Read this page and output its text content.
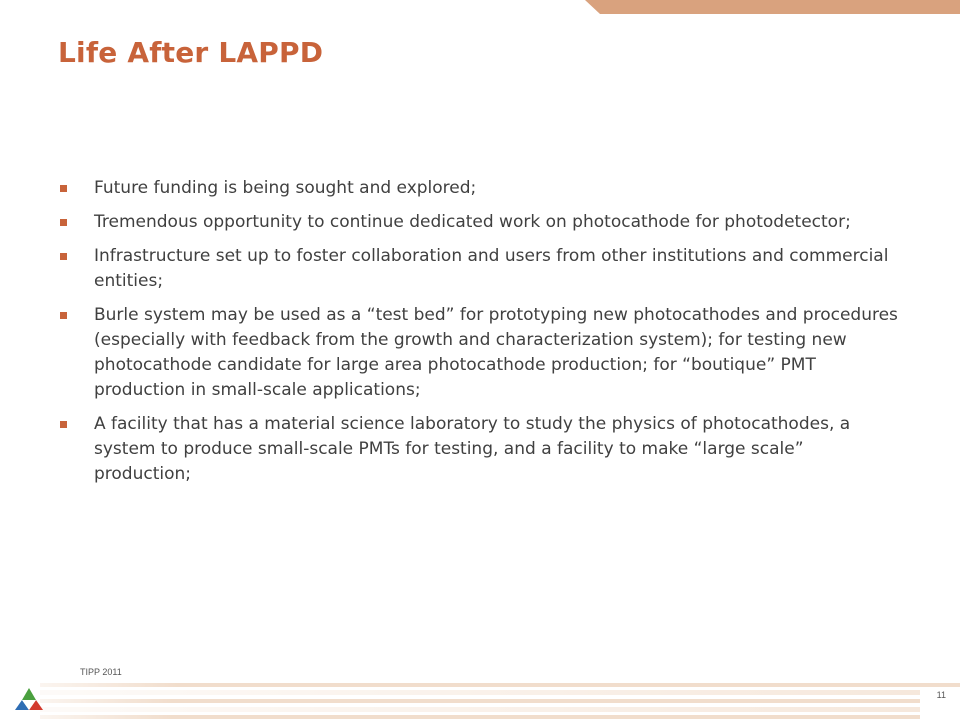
Life After LAPPD
Future funding is being sought and explored;
Tremendous opportunity to continue dedicated work on photocathode for photodetector;
Infrastructure set up to foster collaboration and users from other institutions and commercial entities;
Burle system may be used as a “test bed” for prototyping new photocathodes and procedures (especially with feedback from the growth and characterization system); for testing new photocathode candidate for large area photocathode production; for “boutique” PMT production in small-scale applications;
A facility that has a material science laboratory to study the physics of photocathodes, a system to produce small-scale PMTs for testing, and a facility to make “large scale” production;
TIPP 2011
11
